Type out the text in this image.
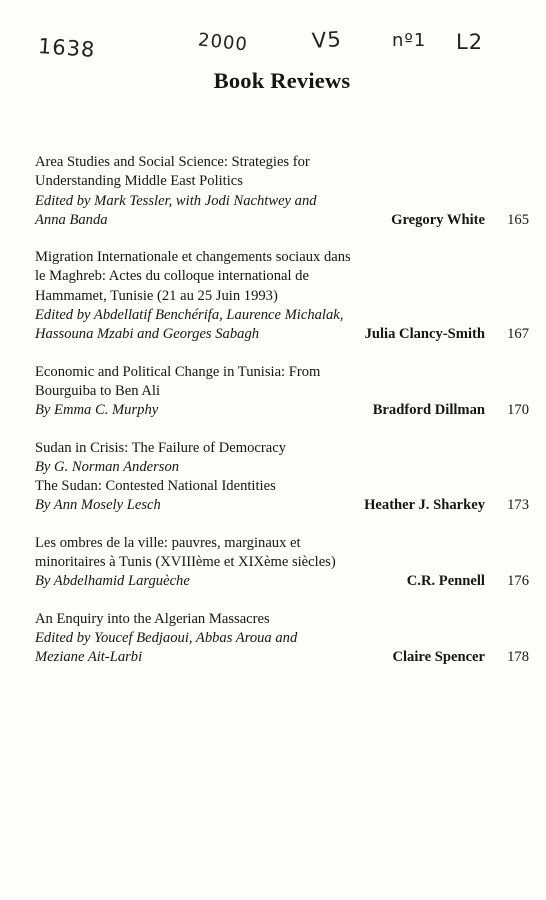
1638	2000	V5	nº1 L2
Book Reviews
Area Studies and Social Science: Strategies for
Understanding Middle East Politics
Edited by Mark Tessler, with Jodi Nachtwey and
Anna Banda	Gregory White 165
Migration Internationale et changements sociaux dans
le Maghreb: Actes du colloque international de
Hammamet, Tunisie (21 au 25 Juin 1993)
Edited by Abdellatif Benchérifa, Laurence Michalak,
Hassouna Mzabi and Georges Sabagh	Julia Clancy-Smith 167
Economic and Political Change in Tunisia: From
Bourguiba to Ben Ali
By Emma C. Murphy	Bradford Dillman 170
Sudan in Crisis: The Failure of Democracy
By G. Norman Anderson
The Sudan: Contested National Identities
By Ann Mosely Lesch	Heather J. Sharkey 173
Les ombres de la ville: pauvres, marginaux et
minoritaires à Tunis (XVIIIème et XIXème siècles)
By Abdelhamid Larguèche	C.R. Pennell 176
An Enquiry into the Algerian Massacres
Edited by Youcef Bedjaoui, Abbas Aroua and
Meziane Ait-Larbi	Claire Spencer 178
